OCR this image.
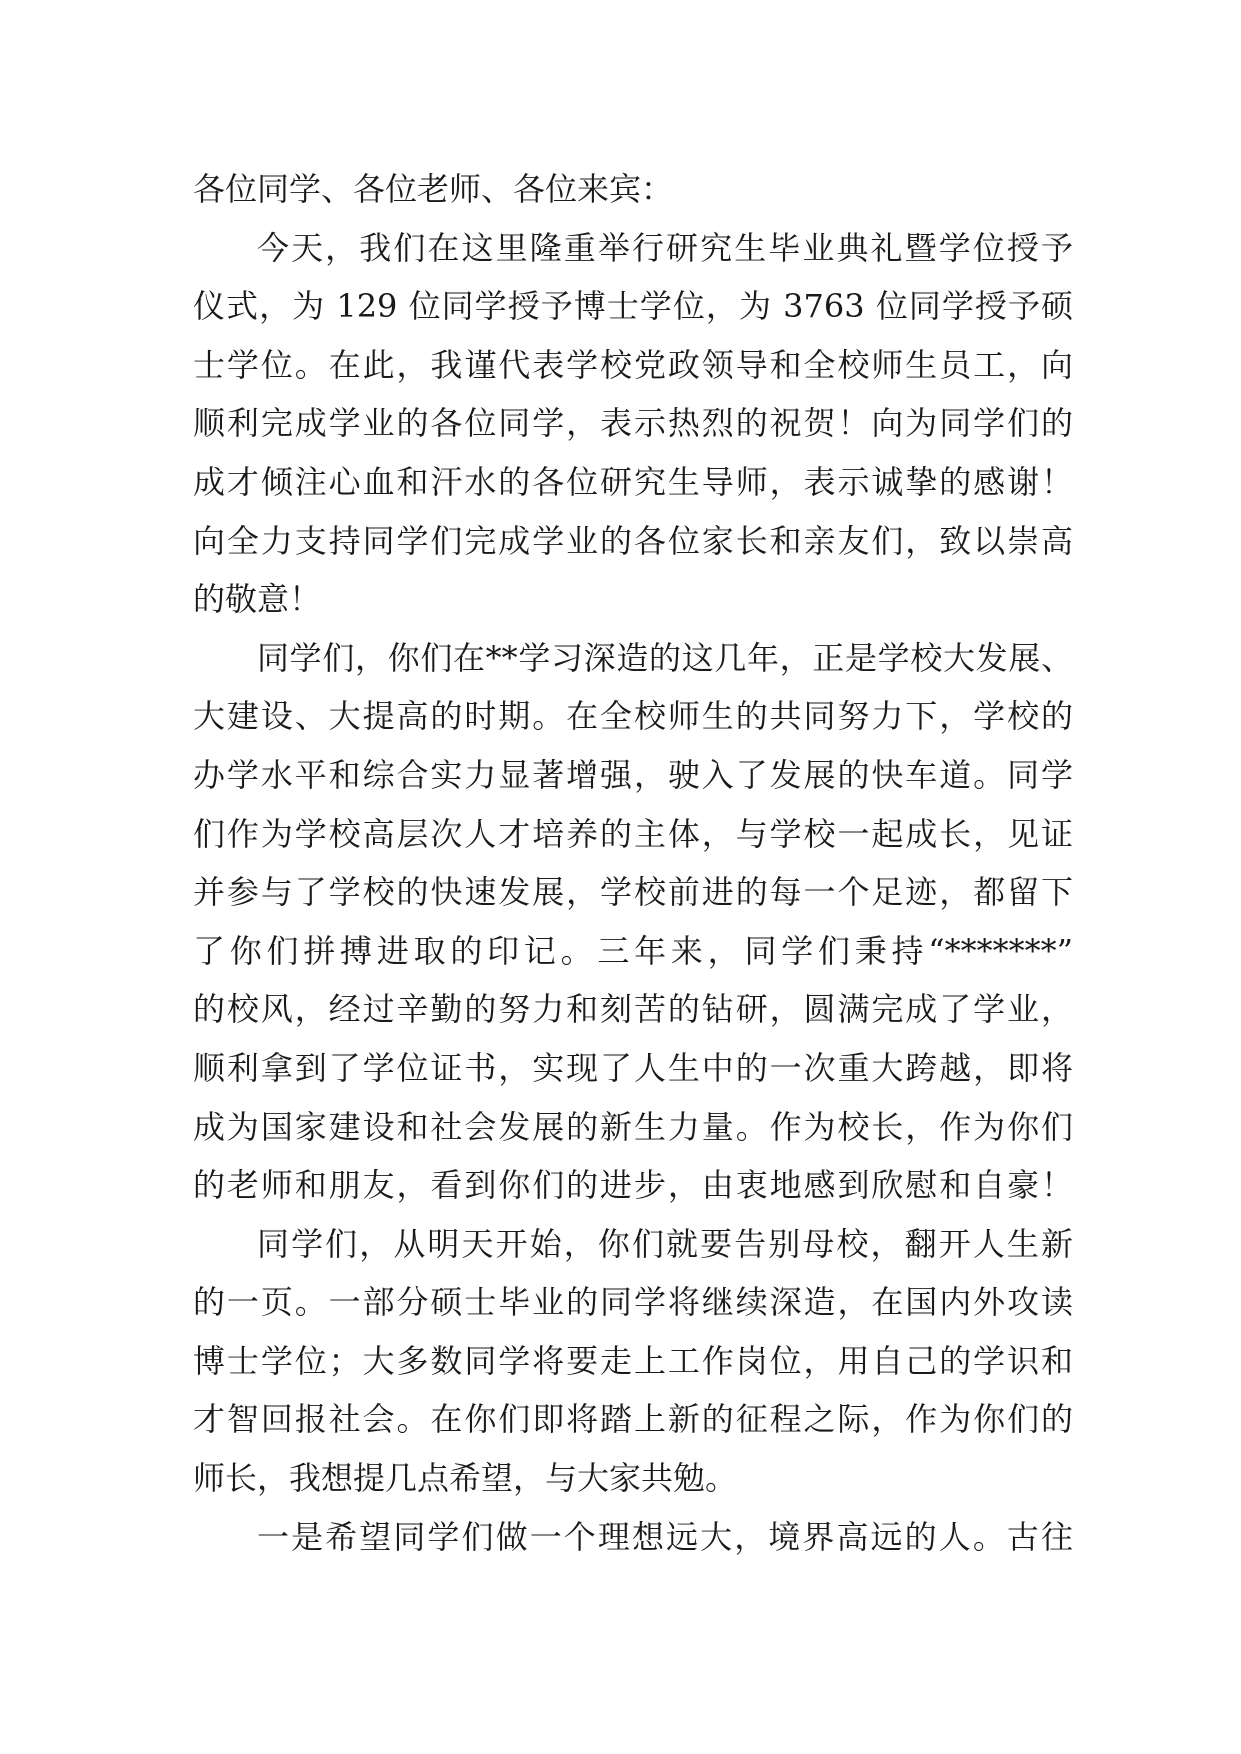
各位同学、各位老师、各位来宾：
今天，我们在这里隆重举行研究生毕业典礼暨学位授予
仪式，为 129 位同学授予博士学位，为 3763 位同学授予硕
士学位。在此，我谨代表学校党政领导和全校师生员工，向
顺利完成学业的各位同学，表示热烈的祝贺！向为同学们的
成才倾注心血和汗水的各位研究生导师，表示诚挚的感谢！
向全力支持同学们完成学业的各位家长和亲友们，致以崇高
的敬意！
同学们，你们在**学习深造的这几年，正是学校大发展、
大建设、大提高的时期。在全校师生的共同努力下，学校的
办学水平和综合实力显著增强，驶入了发展的快车道。同学
们作为学校高层次人才培养的主体，与学校一起成长，见证
并参与了学校的快速发展，学校前进的每一个足迹，都留下
了你们拼搏进取的印记。三年来，同学们秉持“*******”
的校风，经过辛勤的努力和刻苦的钻研，圆满完成了学业，
顺利拿到了学位证书，实现了人生中的一次重大跨越，即将
成为国家建设和社会发展的新生力量。作为校长，作为你们
的老师和朋友，看到你们的进步，由衷地感到欣慰和自豪！
同学们，从明天开始，你们就要告别母校，翻开人生新
的一页。一部分硕士毕业的同学将继续深造，在国内外攻读
博士学位；大多数同学将要走上工作岗位，用自己的学识和
才智回报社会。在你们即将踏上新的征程之际，作为你们的
师长，我想提几点希望，与大家共勉。
一是希望同学们做一个理想远大，境界高远的人。古往
